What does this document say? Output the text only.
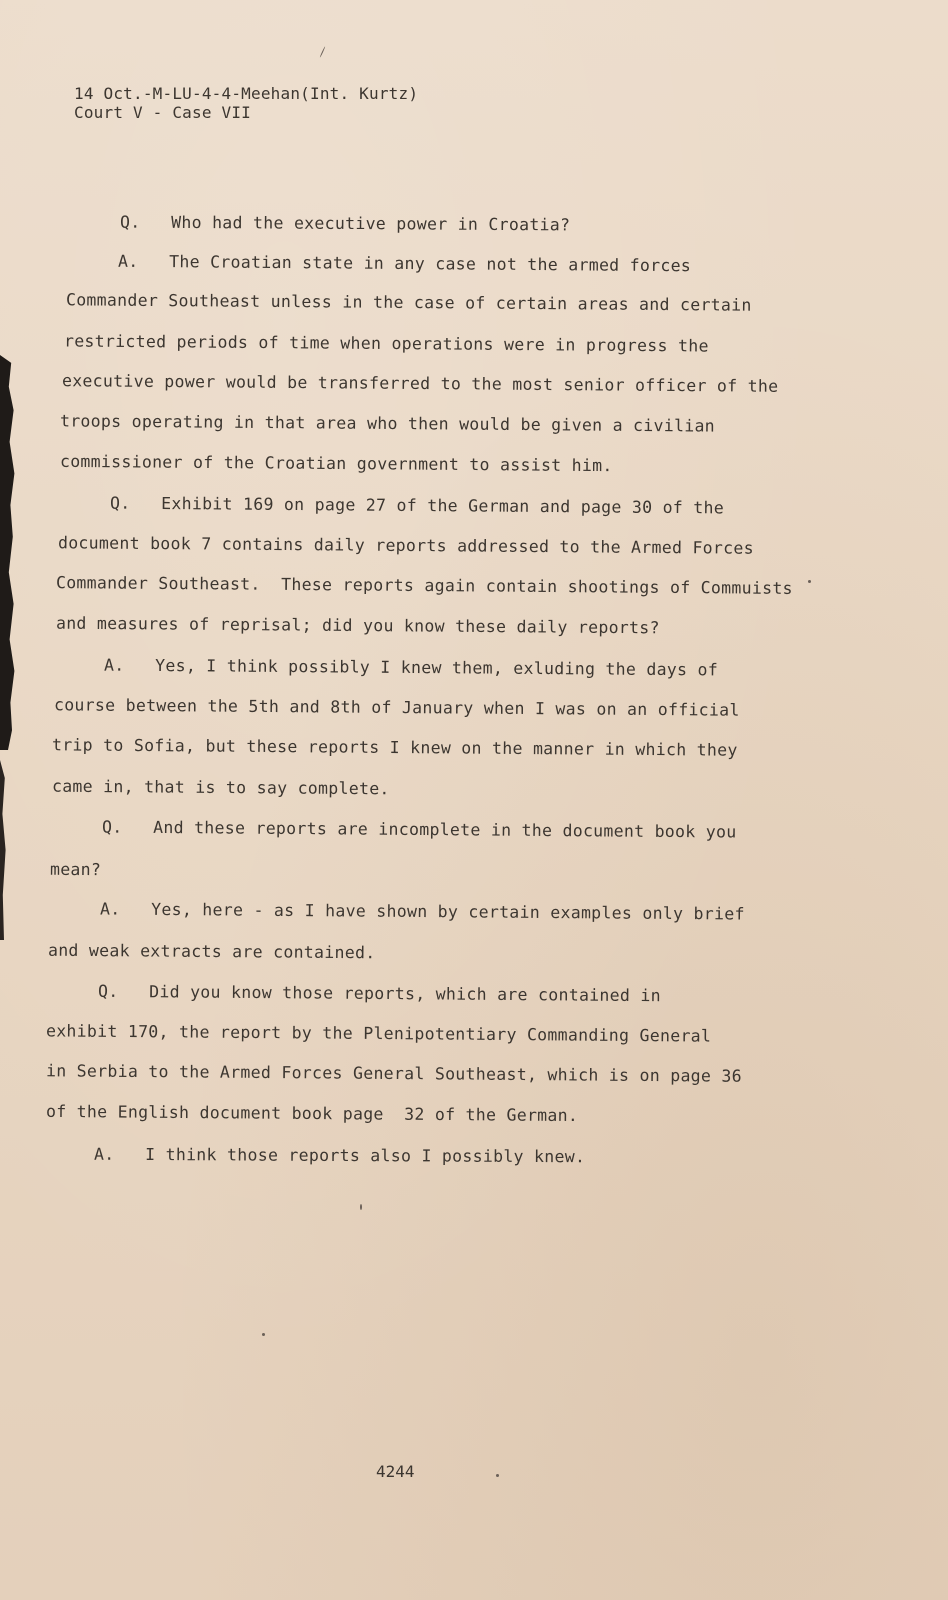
14 Oct.-M-LU-4-4-Meehan(Int. Kurtz)
Court V - Case VII
Q.   Who had the executive power in Croatia?
A.   The Croatian state in any case not the armed forces
Commander Southeast unless in the case of certain areas and certain
restricted periods of time when operations were in progress the
executive power would be transferred to the most senior officer of the
troops operating in that area who then would be given a civilian
commissioner of the Croatian government to assist him.
Q.   Exhibit 169 on page 27 of the German and page 30 of the
document book 7 contains daily reports addressed to the Armed Forces
Commander Southeast.  These reports again contain shootings of Commuists
and measures of reprisal; did you know these daily reports?
A.   Yes, I think possibly I knew them, exluding the days of
course between the 5th and 8th of January when I was on an official
trip to Sofia, but these reports I knew on the manner in which they
came in, that is to say complete.
Q.   And these reports are incomplete in the document book you
mean?
A.   Yes, here - as I have shown by certain examples only brief
and weak extracts are contained.
Q.   Did you know those reports, which are contained in
exhibit 170, the report by the Plenipotentiary Commanding General
in Serbia to the Armed Forces General Southeast, which is on page 36
of the English document book page  32 of the German.
A.   I think those reports also I possibly knew.
4244
